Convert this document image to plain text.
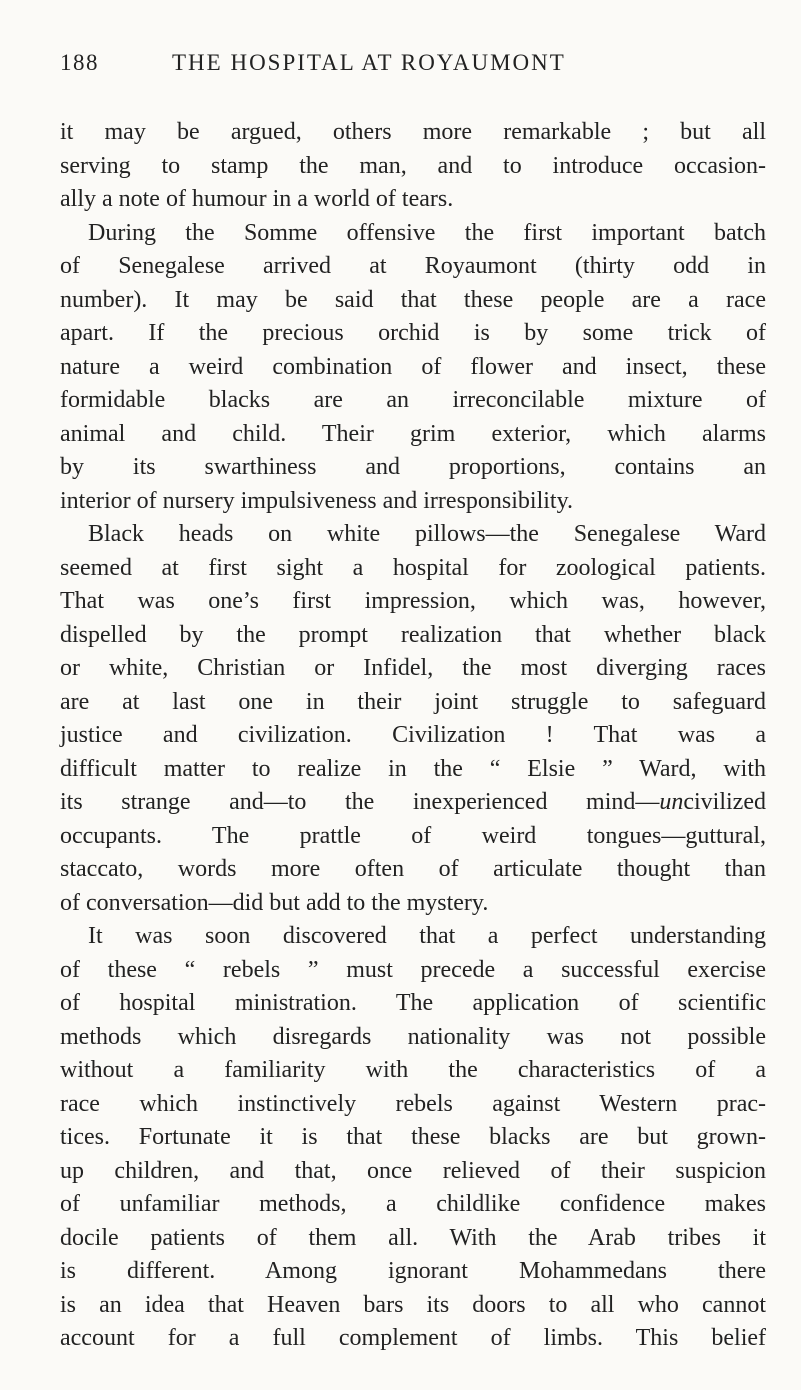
188	THE HOSPITAL AT ROYAUMONT
it may be argued, others more remarkable ; but all
serving to stamp the man, and to introduce occasion-
ally a note of humour in a world of tears.
During the Somme offensive the first important batch
of Senegalese arrived at Royaumont (thirty odd in
number). It may be said that these people are a race
apart. If the precious orchid is by some trick of
nature a weird combination of flower and insect, these
formidable blacks are an irreconcilable mixture of
animal and child. Their grim exterior, which alarms
by its swarthiness and proportions, contains an
interior of nursery impulsiveness and irresponsibility.
Black heads on white pillows—the Senegalese Ward
seemed at first sight a hospital for zoological patients.
That was one’s first impression, which was, however,
dispelled by the prompt realization that whether black
or white, Christian or Infidel, the most diverging races
are at last one in their joint struggle to safeguard
justice and civilization. Civilization ! That was a
difficult matter to realize in the “ Elsie ” Ward, with
its strange and—to the inexperienced mind—uncivilized
occupants. The prattle of weird tongues—guttural,
staccato, words more often of articulate thought than
of conversation—did but add to the mystery.
It was soon discovered that a perfect understanding
of these “ rebels ” must precede a successful exercise
of hospital ministration. The application of scientific
methods which disregards nationality was not possible
without a familiarity with the characteristics of a
race which instinctively rebels against Western prac-
tices. Fortunate it is that these blacks are but grown-
up children, and that, once relieved of their suspicion
of unfamiliar methods, a childlike confidence makes
docile patients of them all. With the Arab tribes it
is different. Among ignorant Mohammedans there
is an idea that Heaven bars its doors to all who cannot
account for a full complement of limbs. This belief
